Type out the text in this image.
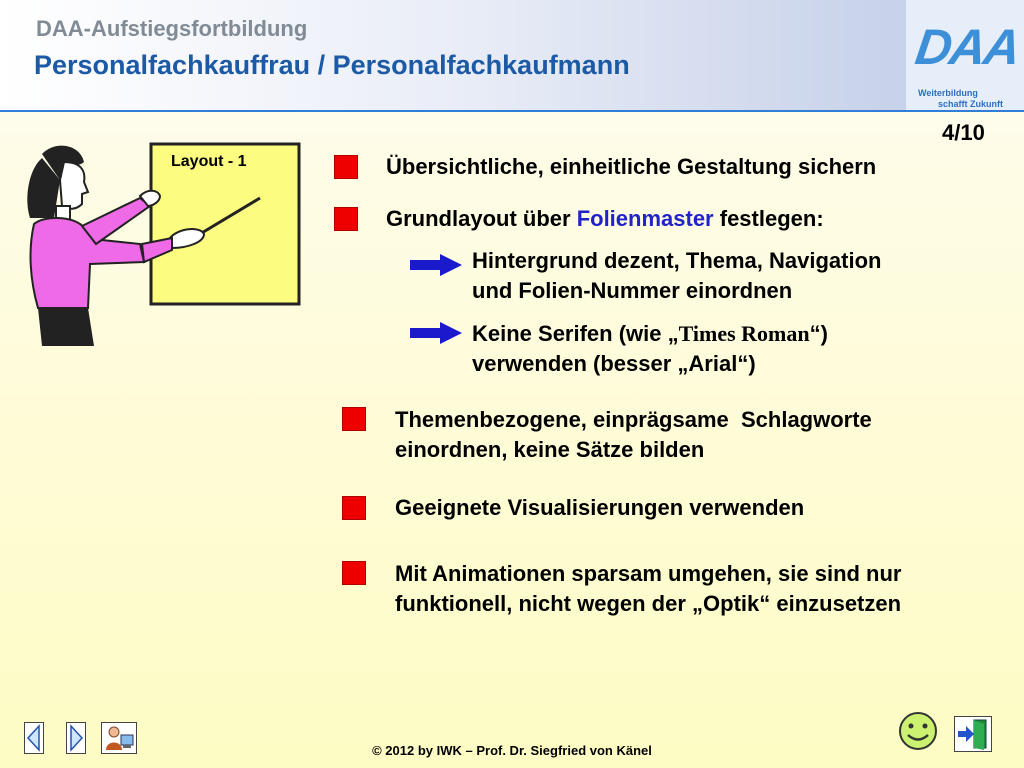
DAA-Aufstiegsfortbildung
Personalfachkauffrau / Personalfachkaufmann	DAA
Weiterbildung
schafft Zukunft
4/10
Layout - 1	Übersichtliche, einheitliche Gestaltung sichern
Grundlayout über Folienmaster festlegen:
Hintergrund dezent, Thema, Navigation
und Folien-Nummer einordnen
Keine Serifen (wie „Times Roman“)
verwenden (besser „Arial“)
Themenbezogene, einprägsame  Schlagworte
einordnen, keine Sätze bilden
Geeignete Visualisierungen verwenden
Mit Animationen sparsam umgehen, sie sind nur
funktionell, nicht wegen der „Optik“ einzusetzen
© 2012 by IWK – Prof. Dr. Siegfried von Känel
